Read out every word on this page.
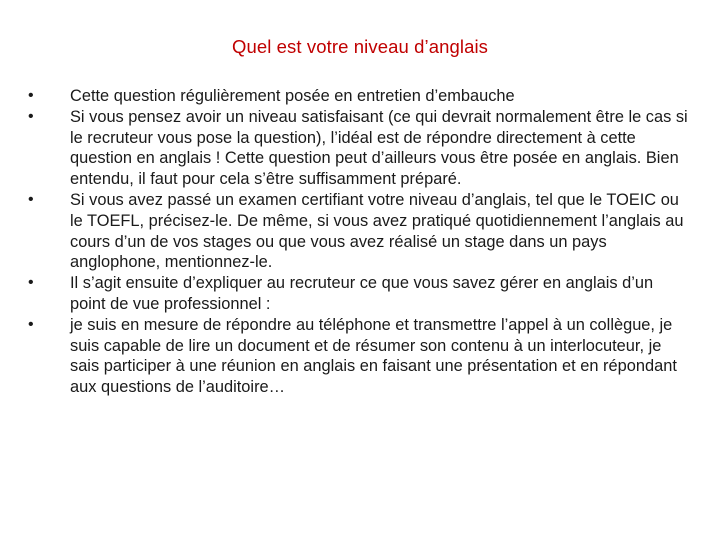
Quel est votre niveau d’anglais
•	Cette question régulièrement posée en entretien d’embauche
•	Si vous pensez avoir un niveau satisfaisant (ce qui devrait normalement être le cas si le recruteur vous pose la question), l’idéal est de répondre directement à cette question en anglais ! Cette question peut d’ailleurs vous être posée en anglais. Bien entendu, il faut pour cela s’être suffisamment préparé.
•	Si vous avez passé un examen certifiant votre niveau d’anglais, tel que le TOEIC ou le TOEFL, précisez-le. De même, si vous avez pratiqué quotidiennement l’anglais au cours d’un de vos stages ou que vous avez réalisé un stage dans un pays anglophone, mentionnez-le.
•	Il s’agit ensuite d’expliquer au recruteur ce que vous savez gérer en anglais d’un point de vue professionnel :
•	je suis en mesure de répondre au téléphone et transmettre l’appel à un collègue, je suis capable de lire un document et de résumer son contenu à un interlocuteur, je sais participer à une réunion en anglais en faisant une présentation et en répondant aux questions de l’auditoire…
